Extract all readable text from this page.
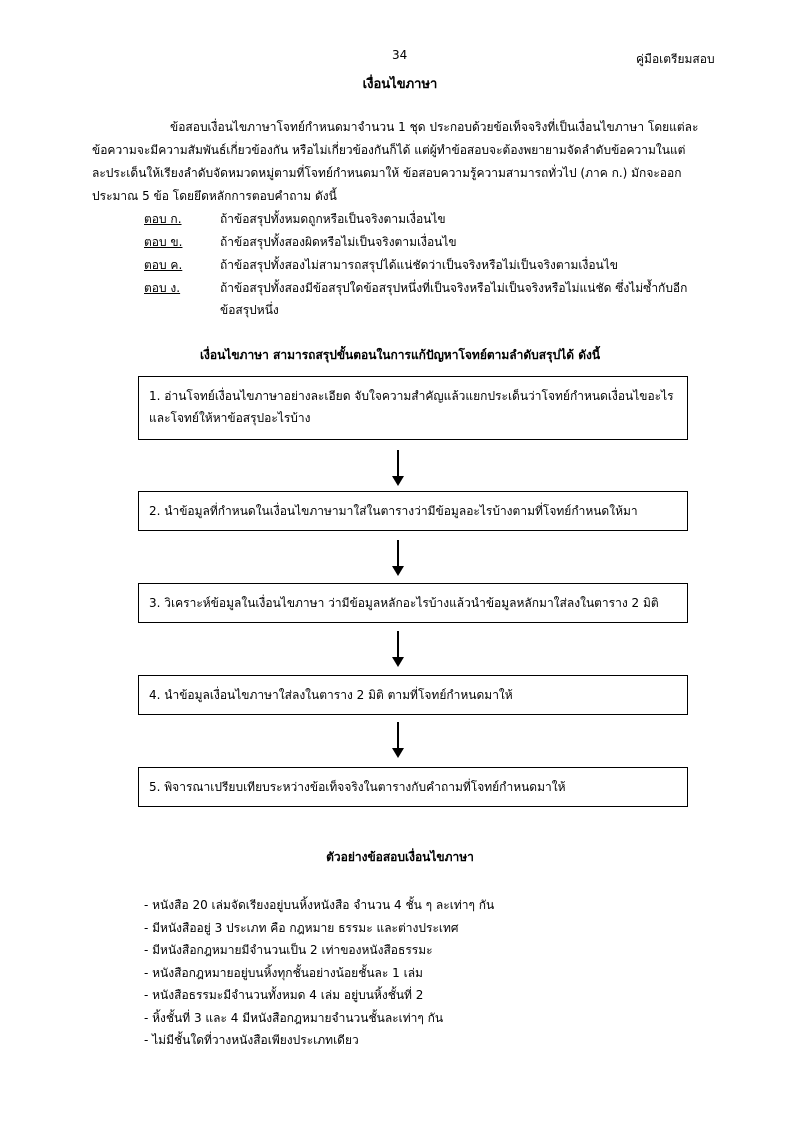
34	คู่มือเตรียมสอบ
เงื่อนไขภาษา
ข้อสอบเงื่อนไขภาษาโจทย์กำหนดมาจำนวน 1 ชุด ประกอบด้วยข้อเท็จจริงที่เป็นเงื่อนไขภาษา โดยแต่ละ
ข้อความจะมีความสัมพันธ์เกี่ยวข้องกัน หรือไม่เกี่ยวข้องกันก็ได้ แต่ผู้ทำข้อสอบจะต้องพยายามจัดลำดับข้อความในแต่
ละประเด็นให้เรียงลำดับจัดหมวดหมู่ตามที่โจทย์กำหนดมาให้ ข้อสอบความรู้ความสามารถทั่วไป (ภาค ก.) มักจะออก
ประมาณ 5 ข้อ โดยยึดหลักการตอบคำถาม ดังนี้
ตอบ ก.	ถ้าข้อสรุปทั้งหมดถูกหรือเป็นจริงตามเงื่อนไข
ตอบ ข.	ถ้าข้อสรุปทั้งสองผิดหรือไม่เป็นจริงตามเงื่อนไข
ตอบ ค.	ถ้าข้อสรุปทั้งสองไม่สามารถสรุปได้แน่ชัดว่าเป็นจริงหรือไม่เป็นจริงตามเงื่อนไข
ตอบ ง.	ถ้าข้อสรุปทั้งสองมีข้อสรุปใดข้อสรุปหนึ่งที่เป็นจริงหรือไม่เป็นจริงหรือไม่แน่ชัด ซึ่งไม่ซ้ำกับอีกข้อสรุปหนึ่ง
เงื่อนไขภาษา สามารถสรุปขั้นตอนในการแก้ปัญหาโจทย์ตามลำดับสรุปได้ ดังนี้
1. อ่านโจทย์เงื่อนไขภาษาอย่างละเอียด จับใจความสำคัญแล้วแยกประเด็นว่าโจทย์กำหนดเงื่อนไขอะไรและโจทย์ให้หาข้อสรุปอะไรบ้าง
2. นำข้อมูลที่กำหนดในเงื่อนไขภาษามาใส่ในตารางว่ามีข้อมูลอะไรบ้างตามที่โจทย์กำหนดให้มา
3. วิเคราะห์ข้อมูลในเงื่อนไขภาษา ว่ามีข้อมูลหลักอะไรบ้างแล้วนำข้อมูลหลักมาใส่ลงในตาราง 2 มิติ
4. นำข้อมูลเงื่อนไขภาษาใส่ลงในตาราง 2 มิติ ตามที่โจทย์กำหนดมาให้
5. พิจารณาเปรียบเทียบระหว่างข้อเท็จจริงในตารางกับคำถามที่โจทย์กำหนดมาให้
ตัวอย่างข้อสอบเงื่อนไขภาษา
- หนังสือ 20 เล่มจัดเรียงอยู่บนหิ้งหนังสือ จำนวน 4 ชั้น ๆ ละเท่าๆ กัน
- มีหนังสืออยู่ 3 ประเภท คือ กฎหมาย ธรรมะ และต่างประเทศ
- มีหนังสือกฎหมายมีจำนวนเป็น 2 เท่าของหนังสือธรรมะ
- หนังสือกฎหมายอยู่บนหิ้งทุกชั้นอย่างน้อยชั้นละ 1 เล่ม
- หนังสือธรรมะมีจำนวนทั้งหมด 4 เล่ม อยู่บนหิ้งชั้นที่ 2
- หิ้งชั้นที่ 3 และ 4 มีหนังสือกฎหมายจำนวนชั้นละเท่าๆ กัน
- ไม่มีชั้นใดที่วางหนังสือเพียงประเภทเดียว
